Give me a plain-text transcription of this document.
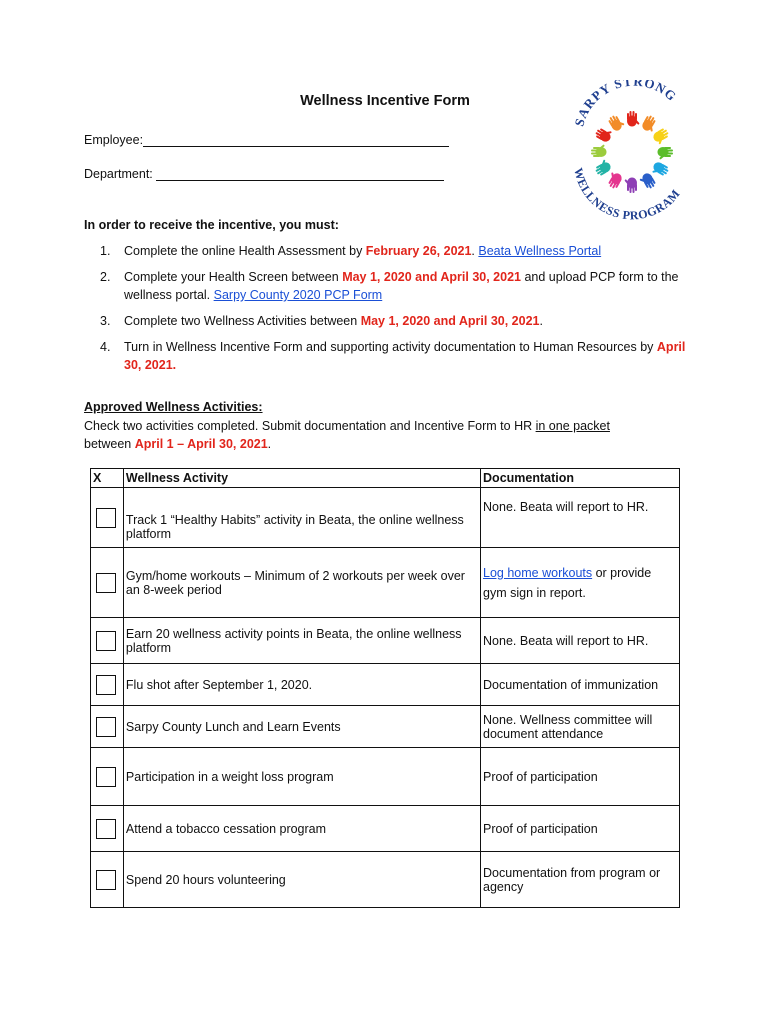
Wellness Incentive Form
SARPY STRONG
WELLNESS PROGRAM
Employee:
Department:
In order to receive the incentive, you must:
1.	Complete the online Health Assessment by February 26, 2021. Beata Wellness Portal
2.	Complete your Health Screen between May 1, 2020 and April 30, 2021 and upload PCP form to the wellness portal. Sarpy County 2020 PCP Form
3.	Complete two Wellness Activities between May 1, 2020 and April 30, 2021.
4.	Turn in Wellness Incentive Form and supporting activity documentation to Human Resources by April 30, 2021.
Approved Wellness Activities:
Check two activities completed. Submit documentation and Incentive Form to HR in one packet
between April 1 – April 30, 2021.
X	Wellness Activity	Documentation

	Track 1 “Healthy Habits” activity in Beata, the online wellness platform	None. Beata will report to HR.

	Gym/home workouts – Minimum of 2 workouts per week over an 8-week period	Log home workouts or provide gym sign in report.

	Earn 20 wellness activity points in Beata, the online wellness platform	None. Beata will report to HR.

	Flu shot after September 1, 2020.	Documentation of immunization

	Sarpy County Lunch and Learn Events	None. Wellness committee will document attendance

	Participation in a weight loss program	Proof of participation

	Attend a tobacco cessation program	Proof of participation

	Spend 20 hours volunteering	Documentation from program or agency
